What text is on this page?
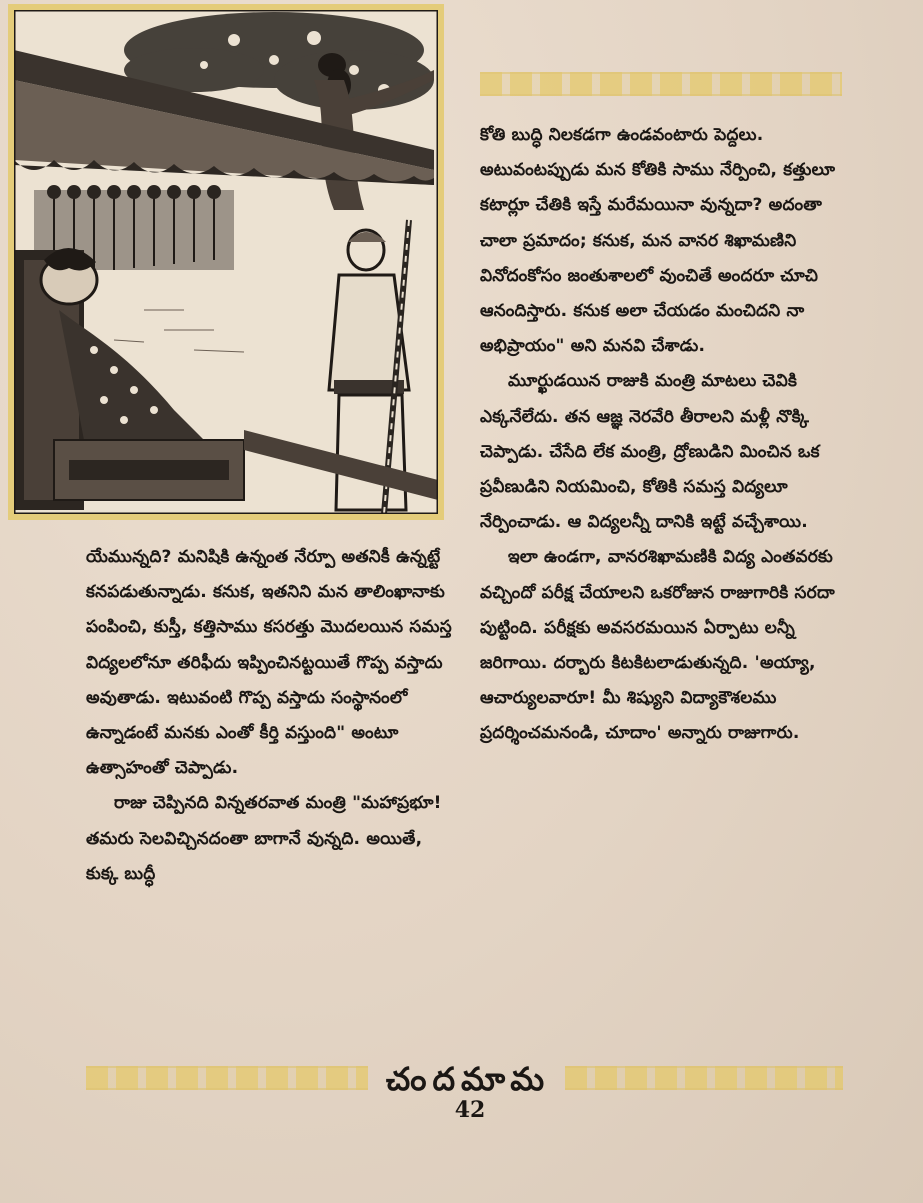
కోతి బుద్ధి నిలకడగా ఉండవంటారు పెద్దలు. అటువంటప్పుడు మన కోతికి సాము నేర్పించి, కత్తులూ కటార్లూ చేతికి ఇస్తే మరేమయినా వున్నదా? అదంతా చాలా ప్రమాదం; కనుక, మన వానర శిఖామణిని వినోదంకోసం జంతుశాలలో వుంచితే అందరూ చూచి ఆనందిస్తారు. కనుక అలా చేయడం మంచిదని నా అభిప్రాయం" అని మనవి చేశాడు.

మూర్ఖుడయిన రాజుకి మంత్రి మాటలు చెవికి ఎక్కనేలేదు. తన ఆజ్ఞ నెరవేరి తీరాలని మళ్లీ నొక్కి చెప్పాడు. చేసేది లేక మంత్రి, ద్రోణుడిని మించిన ఒక ప్రవీణుడిని నియమించి, కోతికి సమస్త విద్యలూ నేర్పించాడు. ఆ విద్యలన్నీ దానికి ఇట్టే వచ్చేశాయి.

ఇలా ఉండగా, వానరశిఖామణికి విద్య ఎంతవరకు వచ్చిందో పరీక్ష చేయాలని ఒకరోజున రాజుగారికి సరదా పుట్టింది. పరీక్షకు అవసరమయిన ఏర్పాటు లన్నీ జరిగాయి. దర్బారు కిటకిటలాడుతున్నది. 'అయ్యా, ఆచార్యులవారూ! మీ శిష్యుని విద్యాకౌశలము ప్రదర్శించమనండి, చూదాం' అన్నారు రాజుగారు.

యేమున్నది? మనిషికి ఉన్నంత నేర్పూ అతనికీ ఉన్నట్టే కనపడుతున్నాడు. కనుక, ఇతనిని మన తాలింఖానాకు పంపించి, కుస్తీ, కత్తిసాము కసరత్తు మొదలయిన సమస్త విద్యలలోనూ తరిఫీదు ఇప్పించినట్టయితే గొప్ప వస్తాదు అవుతాడు. ఇటువంటి గొప్ప వస్తాదు సంస్థానంలో ఉన్నాడంటే మనకు ఎంతో కీర్తి వస్తుంది" అంటూ ఉత్సాహంతో చెప్పాడు.

రాజు చెప్పినది విన్నతరవాత మంత్రి "మహాప్రభూ! తమరు సెలవిచ్చినదంతా బాగానే వున్నది. అయితే, కుక్క బుద్ధీ

చందమామ
42
